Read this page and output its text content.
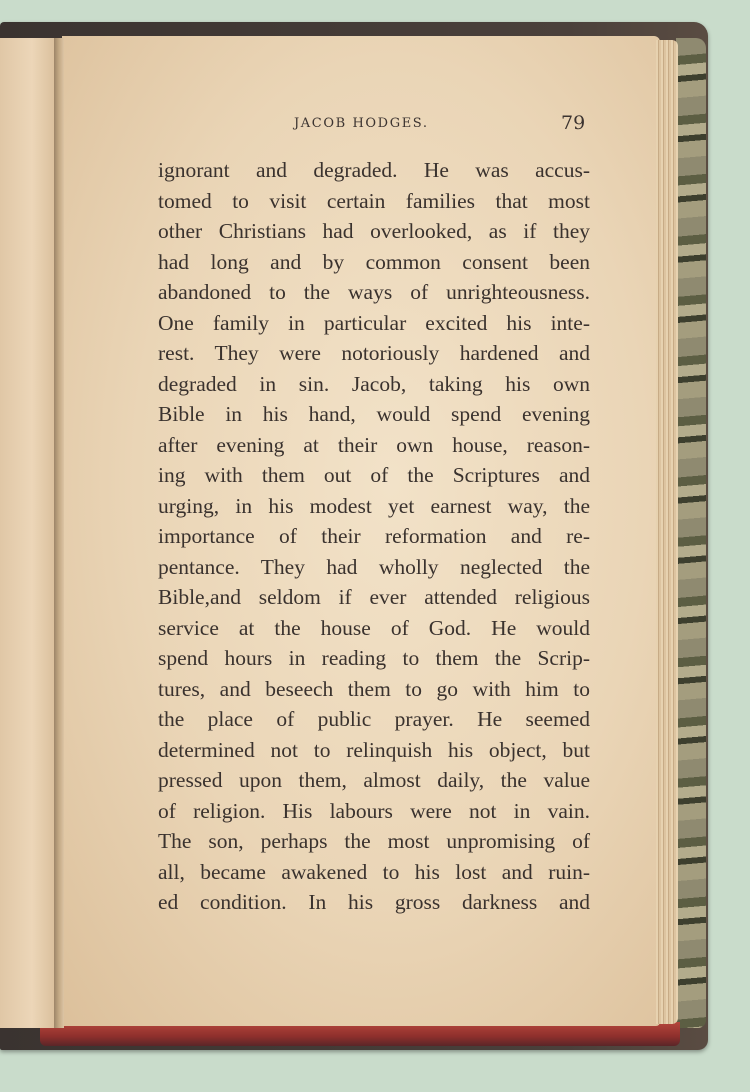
JACOB HODGES.	79
ignorant and degraded. He was accus-
tomed to visit certain families that most
other Christians had overlooked, as if they
had long and by common consent been
abandoned to the ways of unrighteousness.
One family in particular excited his inte-
rest. They were notoriously hardened and
degraded in sin. Jacob, taking his own
Bible in his hand, would spend evening
after evening at their own house, reason-
ing with them out of the Scriptures and
urging, in his modest yet earnest way, the
importance of their reformation and re-
pentance. They had wholly neglected the
Bible,and seldom if ever attended religious
service at the house of God. He would
spend hours in reading to them the Scrip-
tures, and beseech them to go with him to
the place of public prayer. He seemed
determined not to relinquish his object, but
pressed upon them, almost daily, the value
of religion. His labours were not in vain.
The son, perhaps the most unpromising of
all, became awakened to his lost and ruin-
ed condition. In his gross darkness and
